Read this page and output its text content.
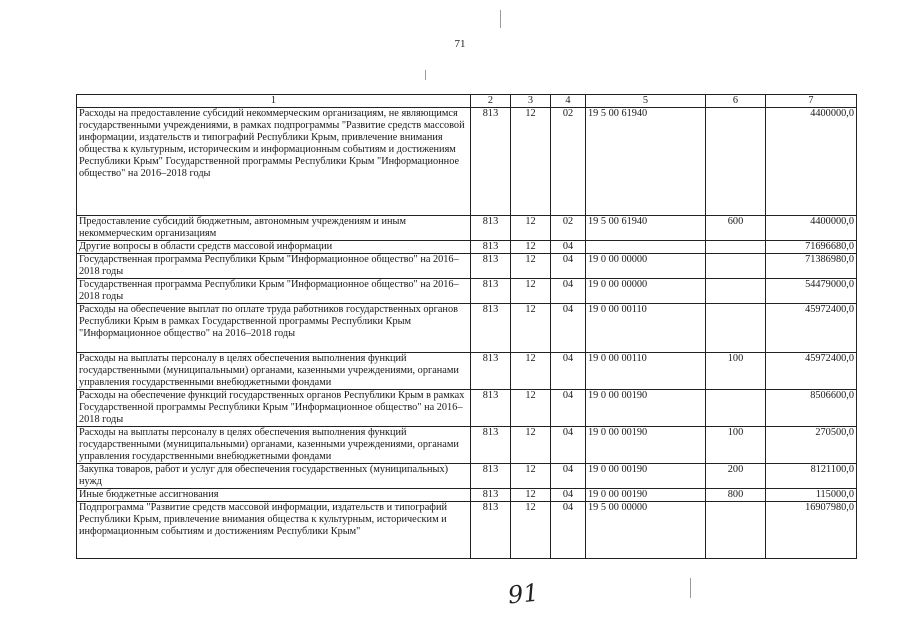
71
1	2	3	4	5	6	7
Расходы на предоставление субсидий некоммерческим организациям, не являющимся государственными учреждениями, в рамках подпрограммы "Развитие средств массовой информации, издательств и типографий Республики Крым, привлечение внимания общества к культурным, историческим и информационным событиям и достижениям Республики Крым" Государственной программы Республики Крым "Информационное общество" на 2016–2018 годы	813	12	02	19 5 00 61940		4400000,0
Предоставление субсидий бюджетным, автономным учреждениям и иным некоммерческим организациям	813	12	02	19 5 00 61940	600	4400000,0
Другие вопросы в области средств массовой информации	813	12	04			71696680,0
Государственная программа Республики Крым "Информационное общество" на 2016–2018 годы	813	12	04	19 0 00 00000		71386980,0
Государственная программа Республики Крым "Информационное общество" на 2016–2018 годы	813	12	04	19 0 00 00000		54479000,0
Расходы на обеспечение выплат по оплате труда работников государственных органов Республики Крым в рамках Государственной программы Республики Крым "Информационное общество" на 2016–2018 годы	813	12	04	19 0 00 00110		45972400,0
Расходы на выплаты персоналу в целях обеспечения выполнения функций государственными (муниципальными) органами, казенными учреждениями, органами управления государственными внебюджетными фондами	813	12	04	19 0 00 00110	100	45972400,0
Расходы на обеспечение функций государственных органов Республики Крым в рамках Государственной программы Республики Крым "Информационное общество" на 2016–2018 годы	813	12	04	19 0 00 00190		8506600,0
Расходы на выплаты персоналу в целях обеспечения выполнения функций государственными (муниципальными) органами, казенными учреждениями, органами управления государственными внебюджетными фондами	813	12	04	19 0 00 00190	100	270500,0
Закупка товаров, работ и услуг для обеспечения государственных (муниципальных) нужд	813	12	04	19 0 00 00190	200	8121100,0
Иные бюджетные ассигнования	813	12	04	19 0 00 00190	800	115000,0
Подпрограмма "Развитие средств массовой информации, издательств и типографий Республики Крым, привлечение внимания общества к культурным, историческим и информационным событиям и достижениям Республики Крым"	813	12	04	19 5 00 00000		16907980,0
91
